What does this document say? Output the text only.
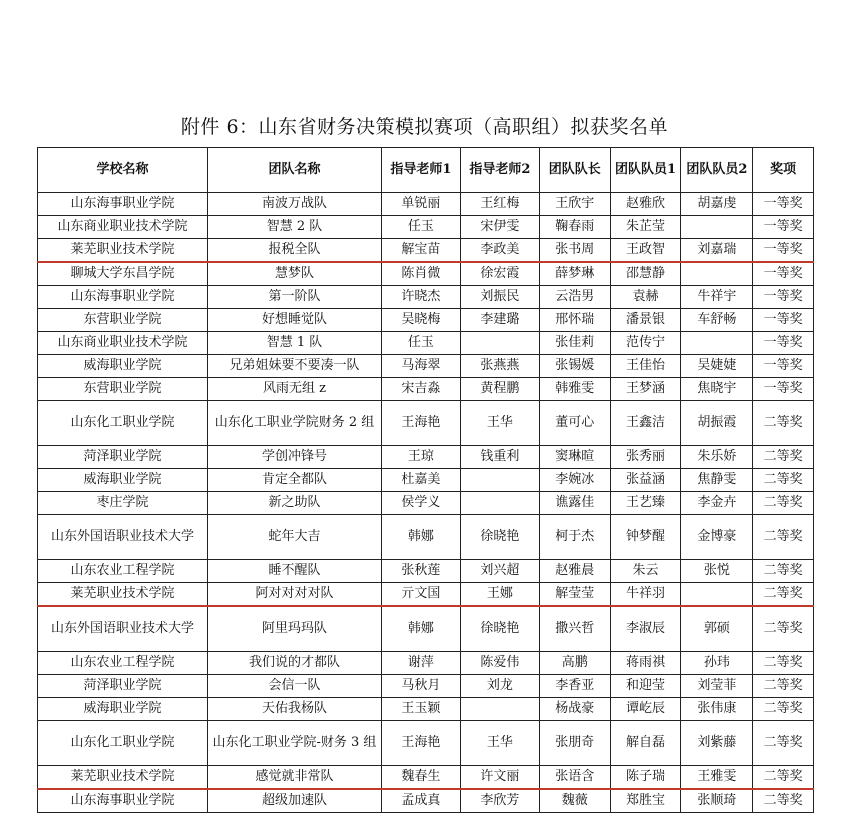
附件 6：山东省财务决策模拟赛项（高职组）拟获奖名单
学校名称	团队名称	指导老师1	指导老师2	团队队长	团队队员1	团队队员2	奖项
山东海事职业学院	南波万战队	单锐丽	王红梅	王欣宇	赵雅欣	胡嘉虔	一等奖
山东商业职业技术学院	智慧 2 队	任玉	宋伊雯	鞠春雨	朱芷莹		一等奖
莱芜职业技术学院	报税全队	解宝苗	李政美	张书周	王政智	刘嘉瑞	一等奖
聊城大学东昌学院	慧梦队	陈肖微	徐宏霞	薛梦琳	邵慧静		一等奖
山东海事职业学院	第一阶队	许晓杰	刘振民	云浩男	袁赫	牛祥宇	一等奖
东营职业学院	好想睡觉队	吴晓梅	李建璐	邢怀瑞	潘景银	车舒畅	一等奖
山东商业职业技术学院	智慧 1 队	任玉		张佳莉	范传宁		一等奖
威海职业学院	兄弟姐妹要不要凑一队	马海翠	张燕燕	张锡媛	王佳怡	吴婕婕	一等奖
东营职业学院	风雨无组 z	宋吉淼	黄程鹏	韩雅雯	王梦涵	焦晓宇	一等奖
山东化工职业学院	山东化工职业学院财务 2 组	王海艳	王华	董可心	王鑫洁	胡振霞	二等奖
菏泽职业学院	学创冲锋号	王琼	钱重利	窦琳暄	张秀丽	朱乐娇	二等奖
威海职业学院	肯定全都队	杜嘉美		李婉冰	张益涵	焦静雯	二等奖
枣庄学院	新之助队	侯学义		谯露佳	王艺臻	李金卉	二等奖
山东外国语职业技术大学	蛇年大吉	韩娜	徐晓艳	柯于杰	钟梦醒	金博豪	二等奖
山东农业工程学院	睡不醒队	张秋莲	刘兴超	赵雅晨	朱云	张悦	二等奖
莱芜职业技术学院	阿对对对对队	亓文国	王娜	解莹莹	牛祥羽		二等奖
山东外国语职业技术大学	阿里玛玛队	韩娜	徐晓艳	撒兴哲	李淑辰	郭硕	二等奖
山东农业工程学院	我们说的才都队	谢萍	陈爱伟	高鹏	蒋雨祺	孙玮	二等奖
菏泽职业学院	会信一队	马秋月	刘龙	李香亚	和迎莹	刘莹菲	二等奖
威海职业学院	天佑我杨队	王玉颖		杨战豪	谭屹辰	张伟康	二等奖
山东化工职业学院	山东化工职业学院-财务 3 组	王海艳	王华	张朋奇	解自磊	刘紫藤	二等奖
莱芜职业技术学院	感觉就非常队	魏春生	许文丽	张语含	陈子瑞	王雅雯	二等奖
山东海事职业学院	超级加速队	孟成真	李欣芳	魏薇	郑胜宝	张顺琦	二等奖
